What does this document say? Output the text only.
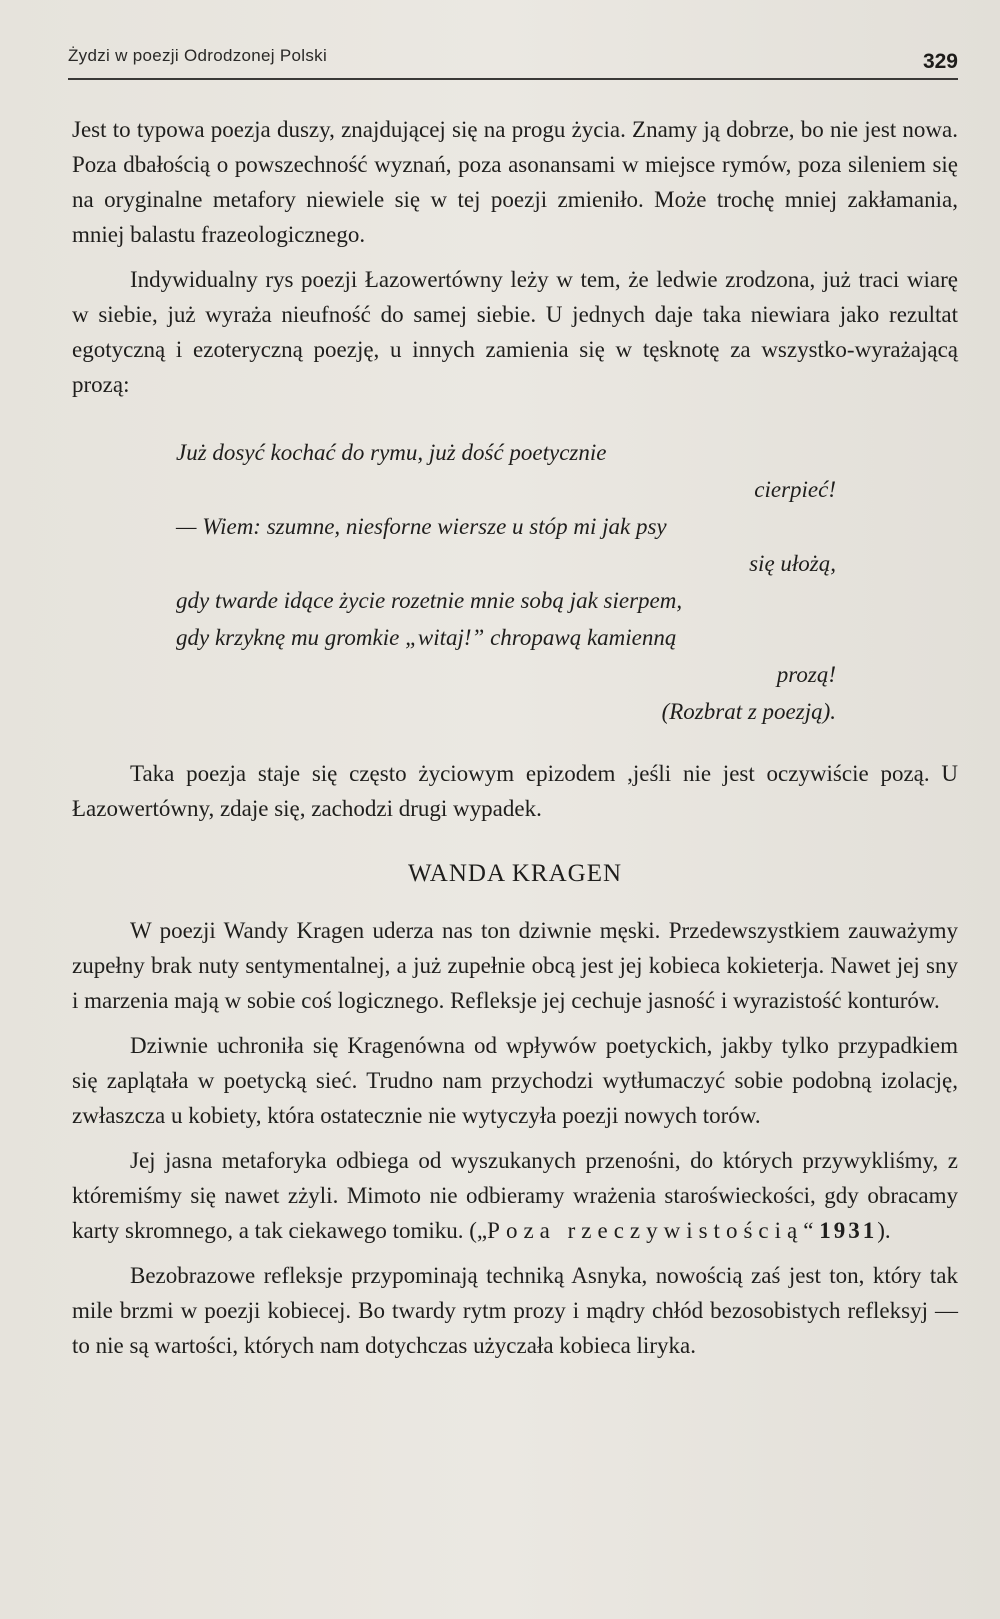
Żydzi w poezji Odrodzonej Polski	329

Jest to typowa poezja duszy, znajdującej się na progu życia. Znamy ją dobrze, bo nie jest nowa. Poza dbałością o powszechność wyznań, poza asonansami w miejsce rymów, poza sileniem się na oryginalne metafory niewiele się w tej poezji zmieniło. Może trochę mniej zakłamania, mniej balastu frazeologicznego.

Indywidualny rys poezji Łazowertówny leży w tem, że ledwie zrodzona, już traci wiarę w siebie, już wyraża nieufność do samej siebie. U jednych daje taka niewiara jako rezultat egotyczną i ezoteryczną poezję, u innych zamienia się w tęsknotę za wszystko-wyrażającą prozą:

Już dosyć kochać do rymu, już dość poetycznie
cierpieć!
— Wiem: szumne, niesforne wiersze u stóp mi jak psy
się ułożą,
gdy twarde idące życie rozetnie mnie sobą jak sierpem,
gdy krzyknę mu gromkie „witaj!” chropawą kamienną
prozą!
(Rozbrat z poezją).

Taka poezja staje się często życiowym epizodem ,jeśli nie jest oczywiście pozą. U Łazowertówny, zdaje się, zachodzi drugi wypadek.

WANDA KRAGEN

W poezji Wandy Kragen uderza nas ton dziwnie męski. Przedewszystkiem zauważymy zupełny brak nuty sentymentalnej, a już zupełnie obcą jest jej kobieca kokieterja. Nawet jej sny i marzenia mają w sobie coś logicznego. Refleksje jej cechuje jasność i wyrazistość konturów.

Dziwnie uchroniła się Kragenówna od wpływów poetyckich, jakby tylko przypadkiem się zaplątała w poetycką sieć. Trudno nam przychodzi wytłumaczyć sobie podobną izolację, zwłaszcza u kobiety, która ostatecznie nie wytyczyła poezji nowych torów.

Jej jasna metaforyka odbiega od wyszukanych przenośni, do których przywykliśmy, z któremiśmy się nawet zżyli. Mimoto nie odbieramy wrażenia staroświeckości, gdy obracamy karty skromnego, a tak ciekawego tomiku. („Poza rzeczywistością“ 1931).

Bezobrazowe refleksje przypominają techniką Asnyka, nowością zaś jest ton, który tak mile brzmi w poezji kobiecej. Bo twardy rytm prozy i mądry chłód bezosobistych refleksyj — to nie są wartości, których nam dotychczas użyczała kobieca liryka.
